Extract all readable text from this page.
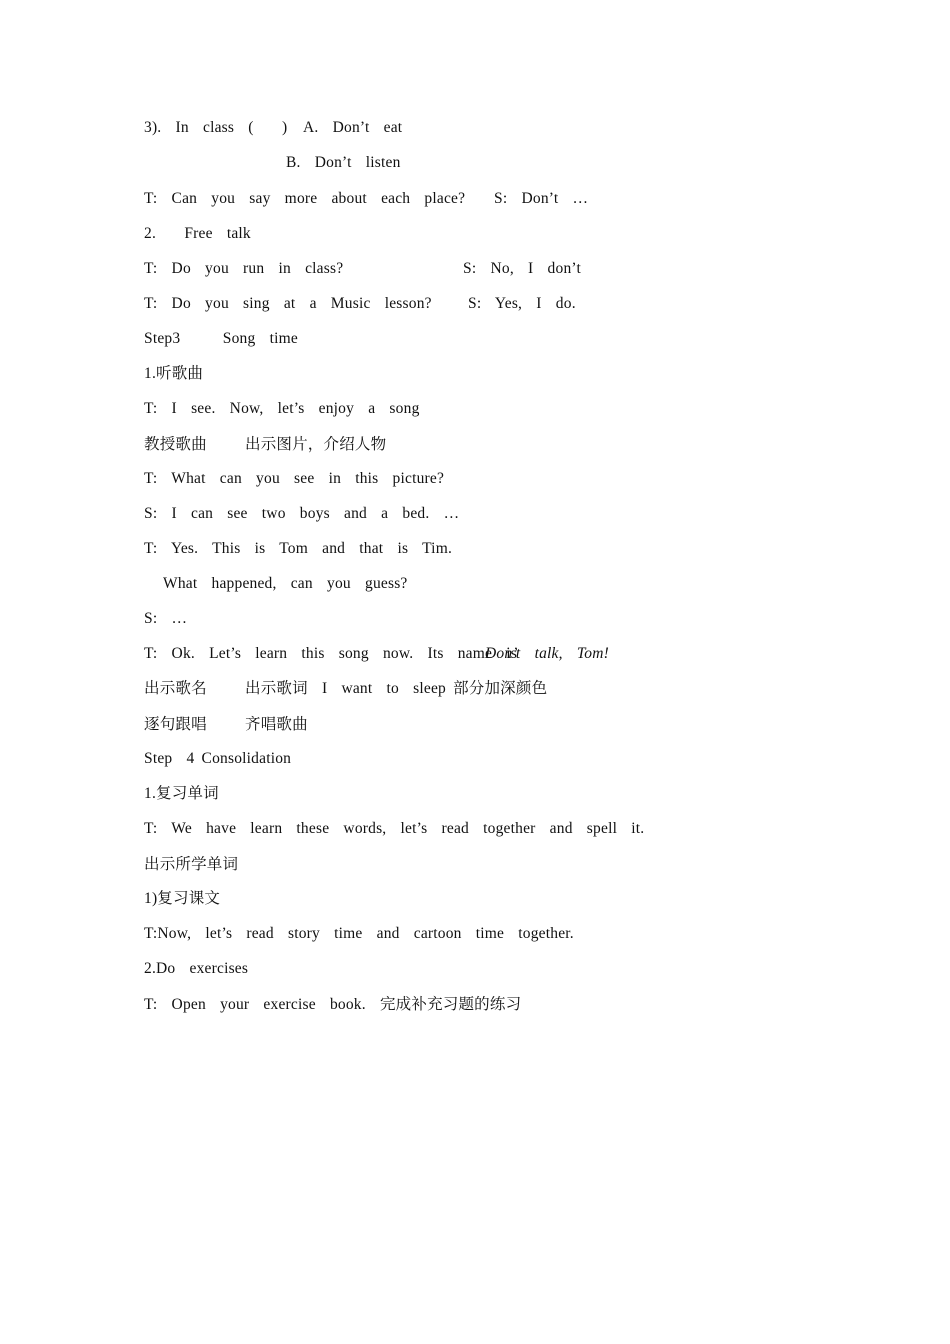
3).  In  class  (    ) A.  Don’t  eat
B.  Don’t  listen
T:  Can  you  say  more  about  each  place? S:  Don’t  …
2.    Free  talk
T:  Do  you  run  in  class?	S:  No,  I  don’t
T:  Do  you  sing  at  a  Music  lesson? S:  Yes,  I  do.
Step3      Song  time
1.听歌曲
T:  I  see.  Now,  let’s  enjoy  a  song
教授歌曲 出示图片，介绍人物
T:  What  can  you  see  in  this  picture?
S:  I  can  see  two  boys  and  a  bed.  …
T:  Yes.  This  is  Tom  and  that  is  Tim.
What  happened,  can  you  guess?
S:  …
T:  Ok.  Let’s  learn  this  song  now.  Its  name  is
Don’t  talk,  Tom!
出示歌名 出示歌词  I  want  to  sleep 部分加深颜色
逐句跟唱 齐唱歌曲
Step  4 Consolidation
1.复习单词
T:  We  have  learn  these  words,  let’s  read  together  and  spell  it.
出示所学单词
1)复习课文
T:Now,  let’s  read  story  time  and  cartoon  time  together.
2.Do  exercises
T:  Open  your  exercise  book.  完成补充习题的练习
